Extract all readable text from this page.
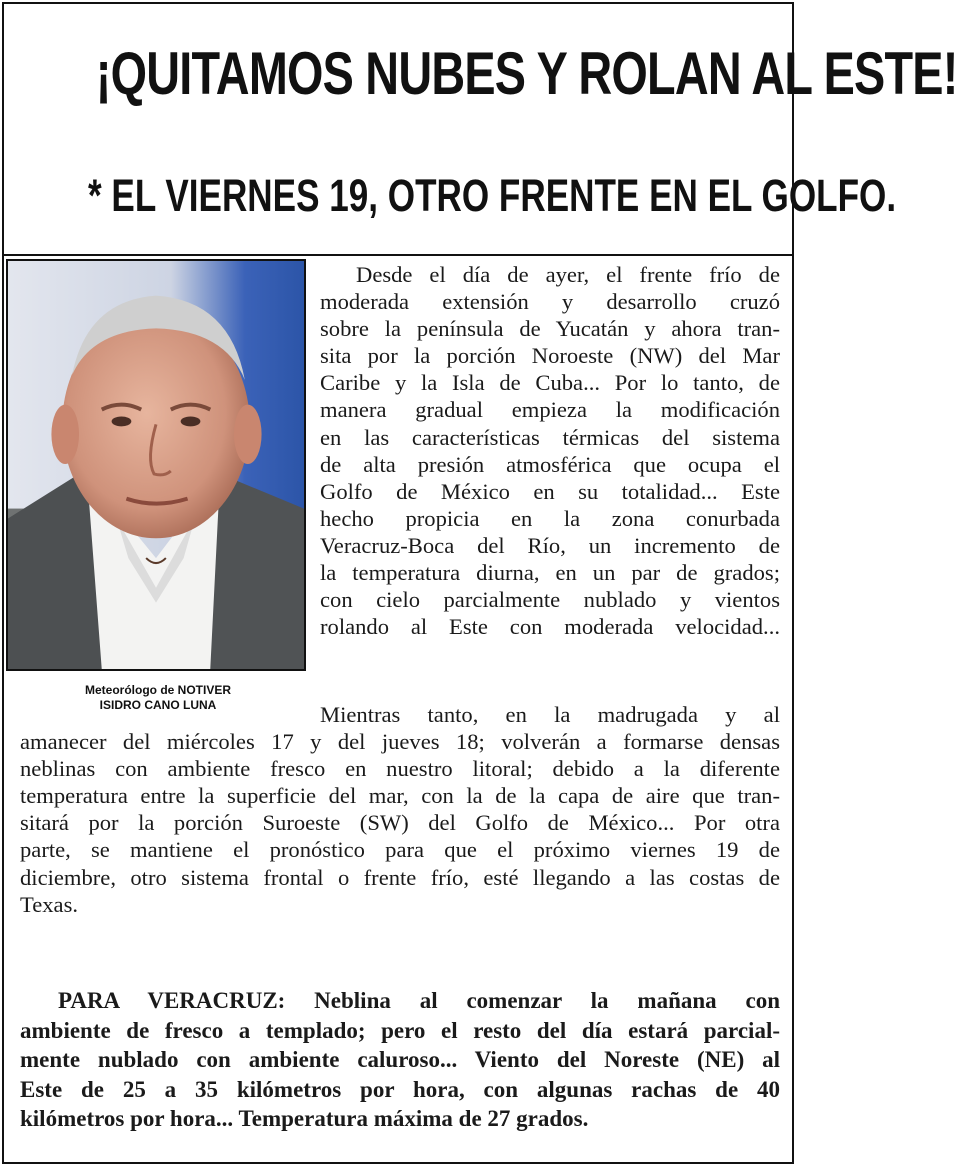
¡QUITAMOS NUBES Y ROLAN AL ESTE!
* EL VIERNES 19, OTRO FRENTE EN EL GOLFO.
Meteorólogo de NOTIVER
ISIDRO CANO LUNA
Desde el día de ayer, el frente frío de
moderada extensión y desarrollo cruzó
sobre la península de Yucatán y ahora tran-
sita por la porción Noroeste (NW) del Mar
Caribe y la Isla de Cuba... Por lo tanto, de
manera gradual empieza la modificación
en las características térmicas del sistema
de alta presión atmosférica que ocupa el
Golfo de México en su totalidad... Este
hecho propicia en la zona conurbada
Veracruz-Boca del Río, un incremento de
la temperatura diurna, en un par de grados;
con cielo parcialmente nublado y vientos
rolando al Este con moderada velocidad...
Mientras tanto, en la madrugada y al
amanecer del miércoles 17 y del jueves 18; volverán a formarse densas
neblinas con ambiente fresco en nuestro litoral; debido a la diferente
temperatura entre la superficie del mar, con la de la capa de aire que tran-
sitará por la porción Suroeste (SW) del Golfo de México... Por otra
parte, se mantiene el pronóstico para que el próximo viernes 19 de
diciembre, otro sistema frontal o frente frío, esté llegando a las costas de
Texas.
PARA VERACRUZ: Neblina al comenzar la mañana con
ambiente de fresco a templado; pero el resto del día estará parcial-
mente nublado con ambiente caluroso... Viento del Noreste (NE) al
Este de 25 a 35 kilómetros por hora, con algunas rachas de 40
kilómetros por hora... Temperatura máxima de 27 grados.
